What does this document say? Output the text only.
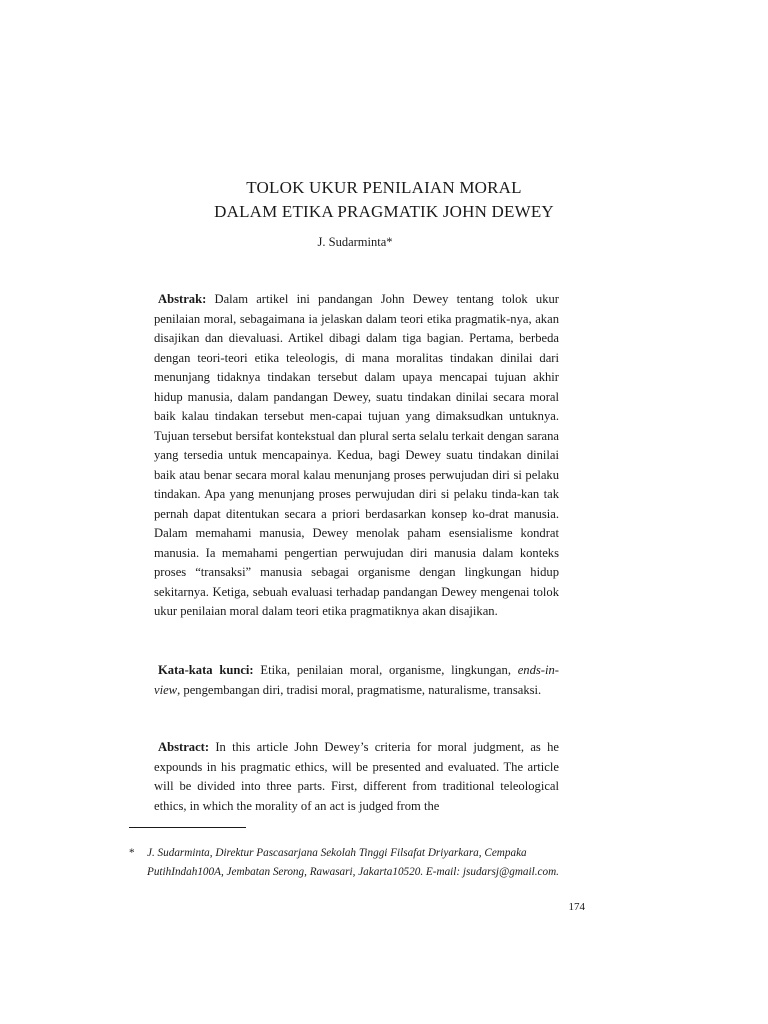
TOLOK UKUR PENILAIAN MORAL
DALAM ETIKA PRAGMATIK JOHN DEWEY
J. Sudarminta*

Abstrak: Dalam artikel ini pandangan John Dewey tentang tolok ukur penilaian moral, sebagaimana ia jelaskan dalam teori etika pragmatik-nya, akan disajikan dan dievaluasi. Artikel dibagi dalam tiga bagian. Pertama, berbeda dengan teori-teori etika teleologis, di mana moralitas tindakan dinilai dari menunjang tidaknya tindakan tersebut dalam upaya mencapai tujuan akhir hidup manusia, dalam pandangan Dewey, suatu tindakan dinilai secara moral baik kalau tindakan tersebut men-capai tujuan yang dimaksudkan untuknya. Tujuan tersebut bersifat kontekstual dan plural serta selalu terkait dengan sarana yang tersedia untuk mencapainya. Kedua, bagi Dewey suatu tindakan dinilai baik atau benar secara moral kalau menunjang proses perwujudan diri si pelaku tindakan. Apa yang menunjang proses perwujudan diri si pelaku tinda-kan tak pernah dapat ditentukan secara a priori berdasarkan konsep ko-drat manusia. Dalam memahami manusia, Dewey menolak paham esensialisme kondrat manusia. Ia memahami pengertian perwujudan diri manusia dalam konteks proses “transaksi” manusia sebagai organisme dengan lingkungan hidup sekitarnya. Ketiga, sebuah evaluasi terhadap pandangan Dewey mengenai tolok ukur penilaian moral dalam teori etika pragmatiknya akan disajikan.

Kata-kata kunci: Etika, penilaian moral, organisme, lingkungan, ends-in-view, pengembangan diri, tradisi moral, pragmatisme, naturalisme, transaksi.

Abstract: In this article John Dewey’s criteria for moral judgment, as he expounds in his pragmatic ethics, will be presented and evaluated. The article will be divided into three parts. First, different from traditional teleological ethics, in which the morality of an act is judged from the

* J. Sudarminta, Direktur Pascasarjana Sekolah Tinggi Filsafat Driyarkara, Cempaka PutihIndah100A, Jembatan Serong, Rawasari, Jakarta10520. E-mail: jsudarsj@gmail.com.
174
